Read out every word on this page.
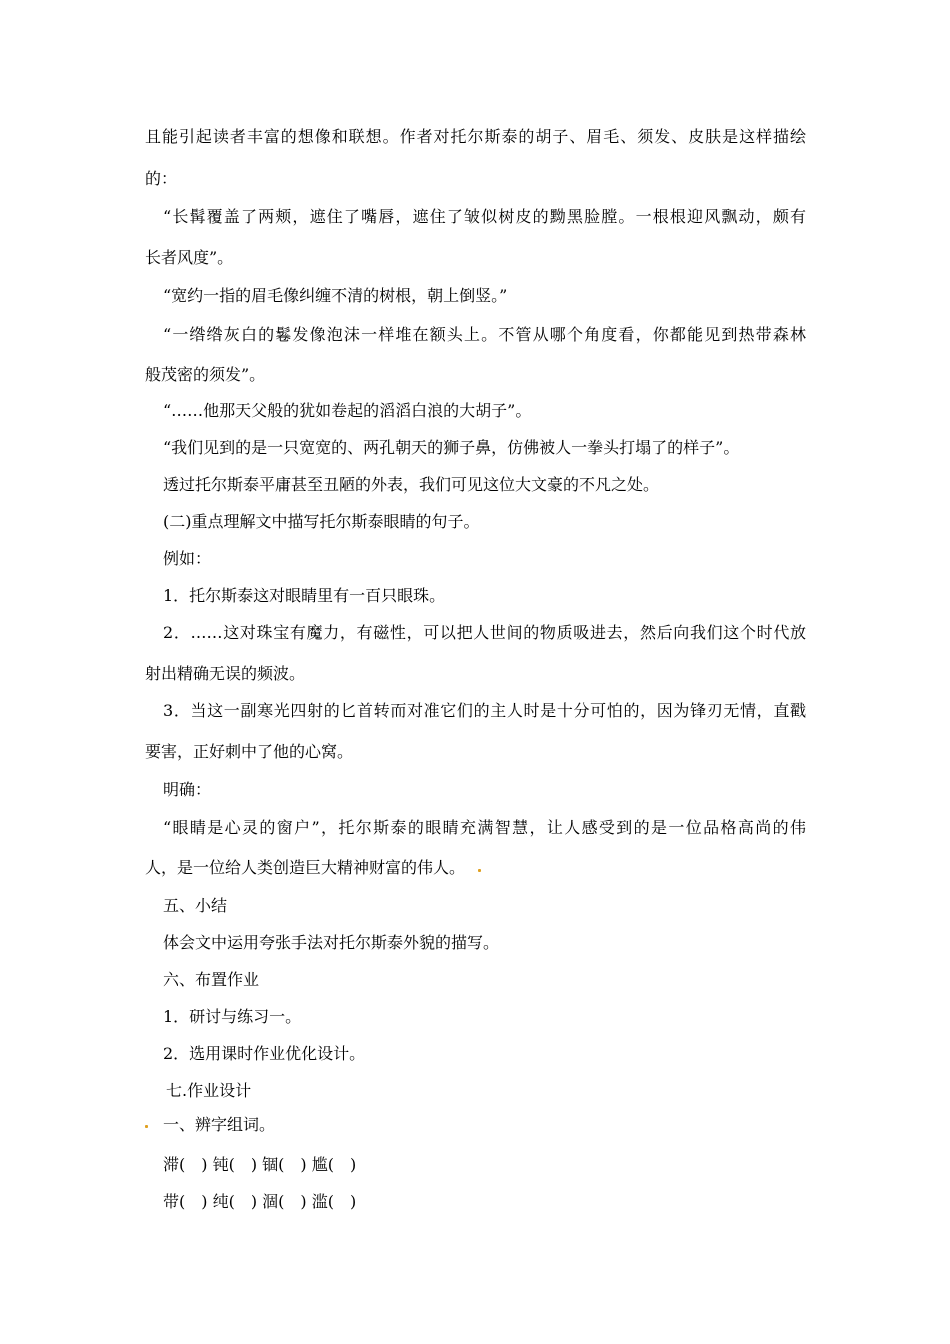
且能引起读者丰富的想像和联想。作者对托尔斯泰的胡子、眉毛、须发、皮肤是这样描绘
的：
“长髯覆盖了两颊，遮住了嘴唇，遮住了皱似树皮的黝黑脸膛。一根根迎风飘动，颇有
长者风度”。
“宽约一指的眉毛像纠缠不清的树根，朝上倒竖。”
“一绺绺灰白的鬈发像泡沫一样堆在额头上。不管从哪个角度看，你都能见到热带森林
般茂密的须发”。
“……他那天父般的犹如卷起的滔滔白浪的大胡子”。
“我们见到的是一只宽宽的、两孔朝天的狮子鼻，仿佛被人一拳头打塌了的样子”。
透过托尔斯泰平庸甚至丑陋的外表，我们可见这位大文豪的不凡之处。
(二)重点理解文中描写托尔斯泰眼睛的句子。
例如：
1．托尔斯泰这对眼睛里有一百只眼珠。
2．……这对珠宝有魔力，有磁性，可以把人世间的物质吸进去，然后向我们这个时代放
射出精确无误的频波。
3．当这一副寒光四射的匕首转而对准它们的主人时是十分可怕的，因为锋刃无情，直戳
要害，正好刺中了他的心窝。
明确：
“眼睛是心灵的窗户”，托尔斯泰的眼睛充满智慧，让人感受到的是一位品格高尚的伟
人，是一位给人类创造巨大精神财富的伟人。
五、小结
体会文中运用夸张手法对托尔斯泰外貌的描写。
六、布置作业
1．研讨与练习一。
2．选用课时作业优化设计。
七.作业设计
一、辨字组词。
滞(　) 钝(　) 锢(　) 尴(　)
带(　) 纯(　) 涸(　) 滥(　)
